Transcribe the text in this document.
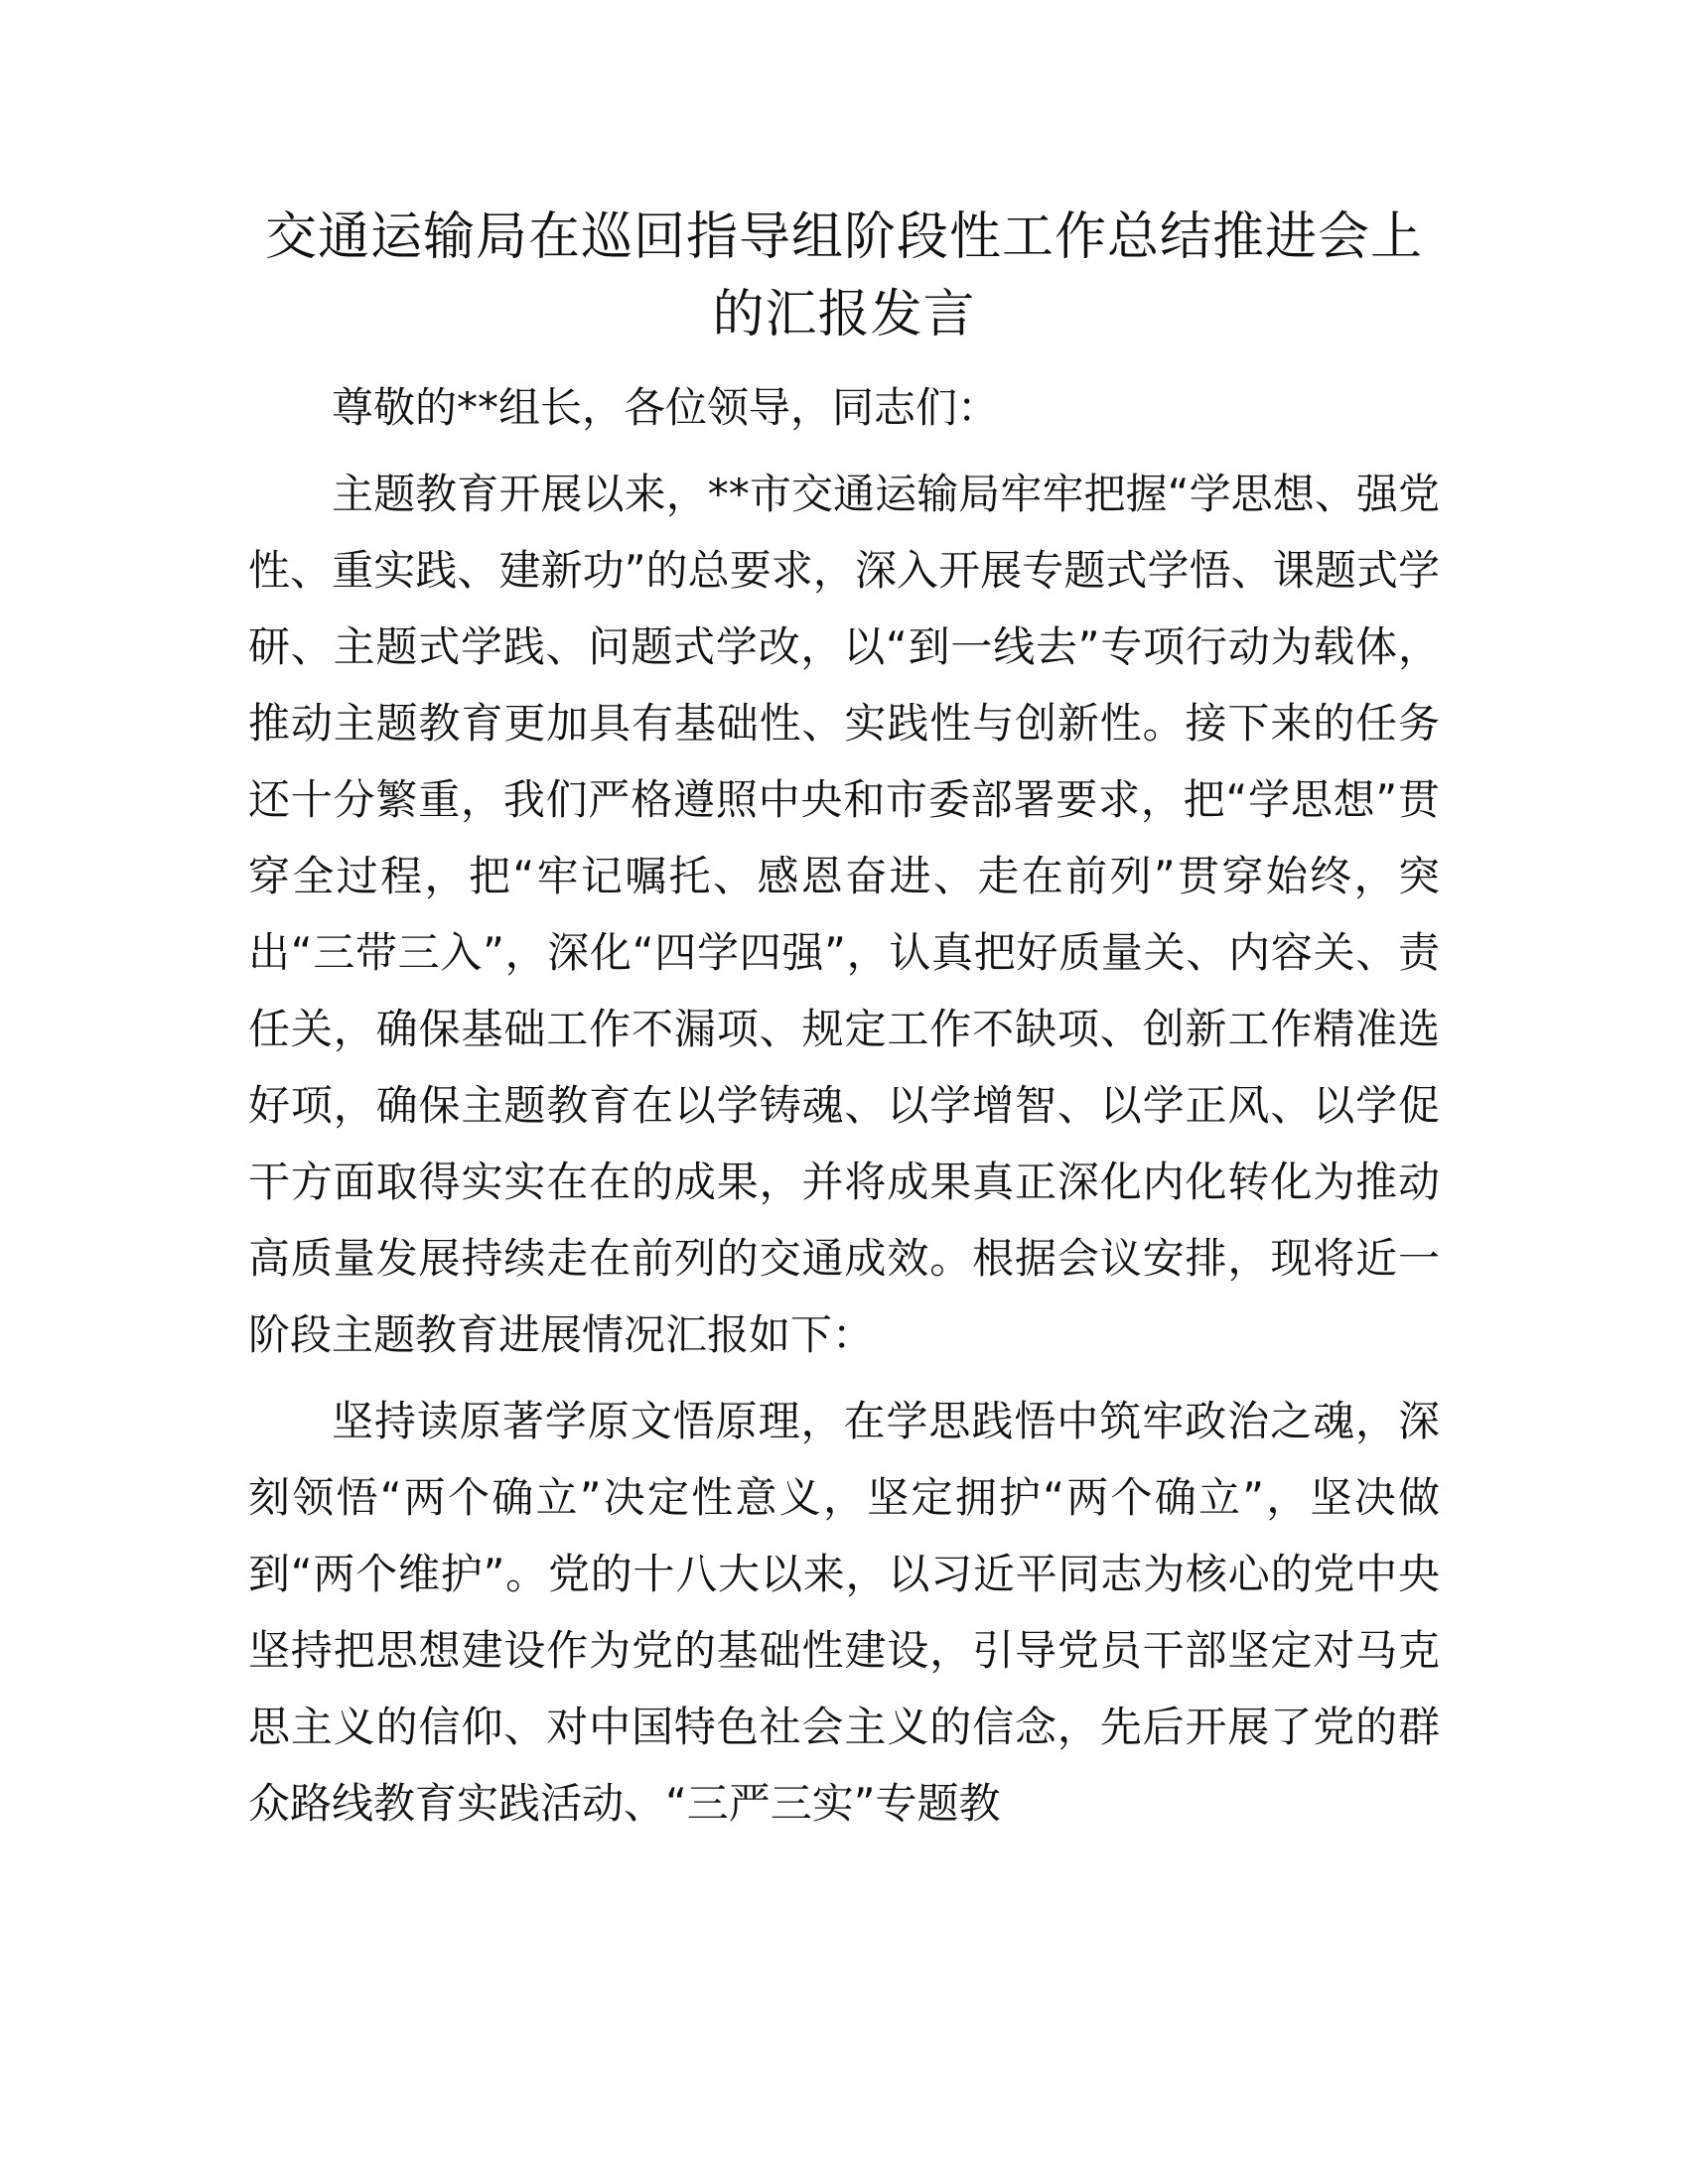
交通运输局在巡回指导组阶段性工作总结推进会上的汇报发言

尊敬的**组长，各位领导，同志们：

主题教育开展以来，**市交通运输局牢牢把握“学思想、强党性、重实践、建新功”的总要求，深入开展专题式学悟、课题式学研、主题式学践、问题式学改，以“到一线去”专项行动为载体，推动主题教育更加具有基础性、实践性与创新性。接下来的任务还十分繁重，我们严格遵照中央和市委部署要求，把“学思想”贯穿全过程，把“牢记嘱托、感恩奋进、走在前列”贯穿始终，突出“三带三入”，深化“四学四强”，认真把好质量关、内容关、责任关，确保基础工作不漏项、规定工作不缺项、创新工作精准选好项，确保主题教育在以学铸魂、以学增智、以学正风、以学促干方面取得实实在在的成果，并将成果真正深化内化转化为推动高质量发展持续走在前列的交通成效。根据会议安排，现将近一阶段主题教育进展情况汇报如下：

坚持读原著学原文悟原理，在学思践悟中筑牢政治之魂，深刻领悟“两个确立”决定性意义，坚定拥护“两个确立”，坚决做到“两个维护”。党的十八大以来，以习近平同志为核心的党中央坚持把思想建设作为党的基础性建设，引导党员干部坚定对马克思主义的信仰、对中国特色社会主义的信念，先后开展了党的群众路线教育实践活动、“三严三实”专题教
